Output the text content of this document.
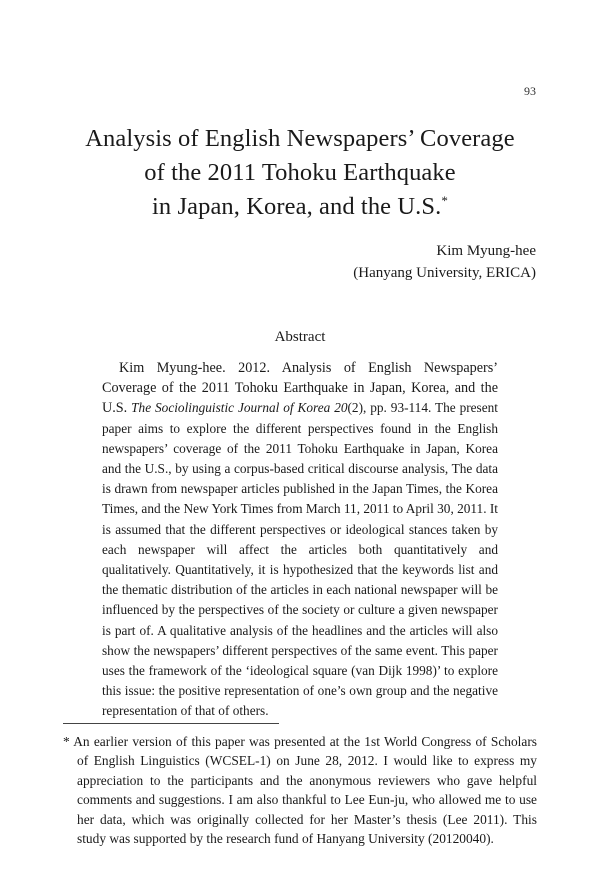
93
Analysis of English Newspapers’ Coverage
of the 2011 Tohoku Earthquake
in Japan, Korea, and the U.S.*
Kim Myung-hee
(Hanyang University, ERICA)
Abstract

Kim Myung-hee. 2012. Analysis of English Newspapers’ Coverage of the 2011 Tohoku Earthquake in Japan, Korea, and the U.S. The Sociolinguistic Journal of Korea 20(2), pp. 93-114. The present paper aims to explore the different perspectives found in the English newspapers’ coverage of the 2011 Tohoku Earthquake in Japan, Korea and the U.S., by using a corpus-based critical discourse analysis, The data is drawn from newspaper articles published in the Japan Times, the Korea Times, and the New York Times from March 11, 2011 to April 30, 2011. It is assumed that the different perspectives or ideological stances taken by each newspaper will affect the articles both quantitatively and qualitatively. Quantitatively, it is hypothesized that the keywords list and the thematic distribution of the articles in each national newspaper will be influenced by the perspectives of the society or culture a given newspaper is part of. A qualitative analysis of the headlines and the articles will also show the newspapers’ different perspectives of the same event. This paper uses the framework of the ‘ideological square (van Dijk 1998)’ to explore this issue: the positive representation of one’s own group and the negative representation of that of others.

* An earlier version of this paper was presented at the 1st World Congress of Scholars of English Linguistics (WCSEL-1) on June 28, 2012. I would like to express my appreciation to the participants and the anonymous reviewers who gave helpful comments and suggestions. I am also thankful to Lee Eun-ju, who allowed me to use her data, which was originally collected for her Master’s thesis (Lee 2011). This study was supported by the research fund of Hanyang University (20120040).
